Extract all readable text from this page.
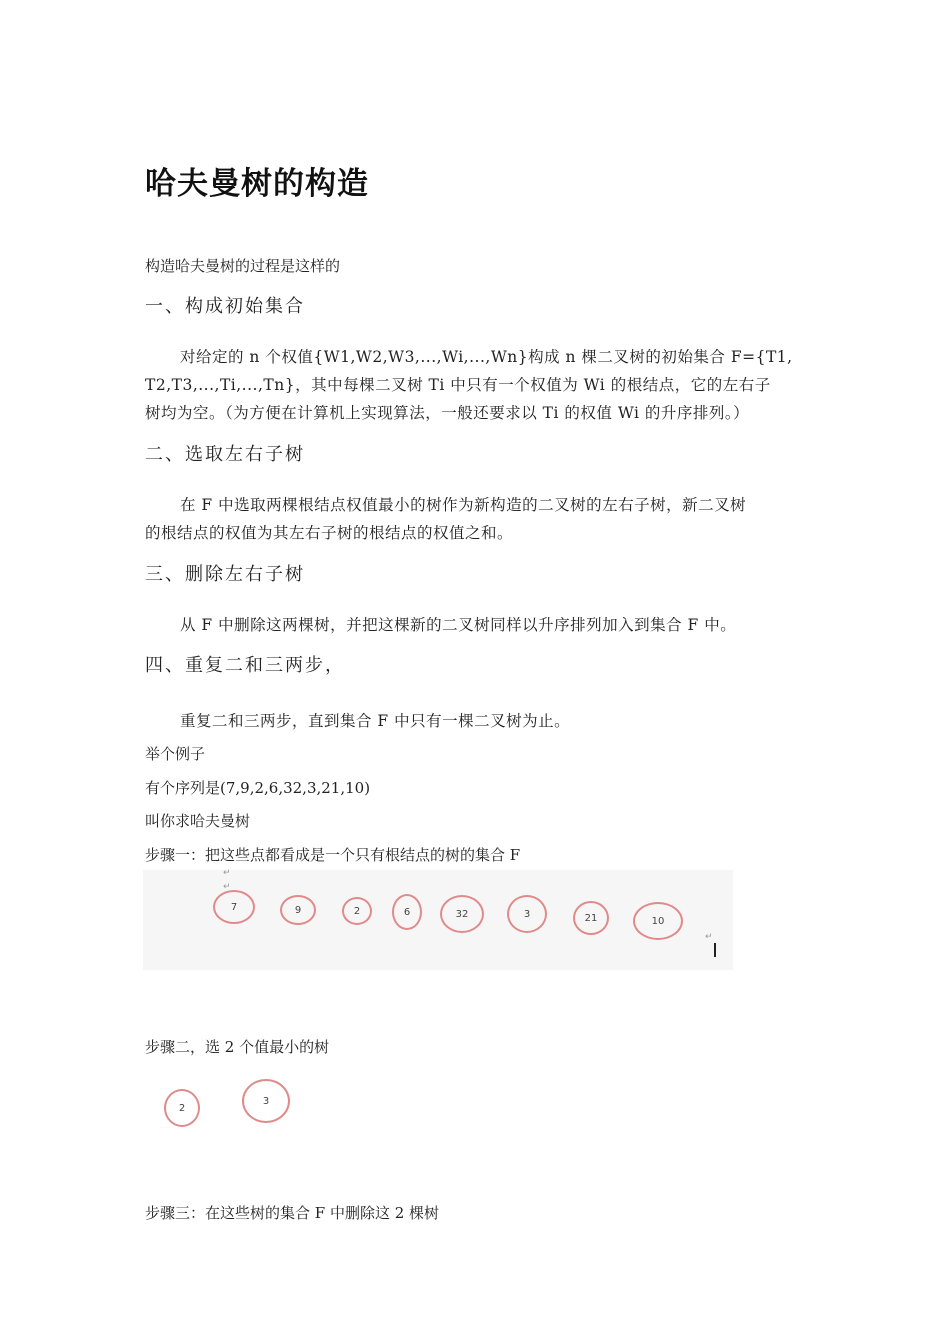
哈夫曼树的构造

构造哈夫曼树的过程是这样的

一、构成初始集合

对给定的 n 个权值{W1,W2,W3,...,Wi,...,Wn}构成 n 棵二叉树的初始集合 F={T1,

T2,T3,...,Ti,...,Tn}，其中每棵二叉树 Ti 中只有一个权值为 Wi 的根结点，它的左右子

树均为空。（为方便在计算机上实现算法，一般还要求以 Ti 的权值 Wi 的升序排列。）

二、选取左右子树

在 F 中选取两棵根结点权值最小的树作为新构造的二叉树的左右子树，新二叉树

的根结点的权值为其左右子树的根结点的权值之和。

三、删除左右子树

从 F 中删除这两棵树，并把这棵新的二叉树同样以升序排列加入到集合 F 中。

四、重复二和三两步，

重复二和三两步，直到集合 F 中只有一棵二叉树为止。

举个例子

有个序列是(7,9,2,6,32,3,21,10)

叫你求哈夫曼树

步骤一：把这些点都看成是一个只有根结点的树的集合 F

↵
↵
7	9	2	6	32	3	21	10
↵

步骤二，选 2 个值最小的树

2
3

步骤三：在这些树的集合 F 中删除这 2 棵树
